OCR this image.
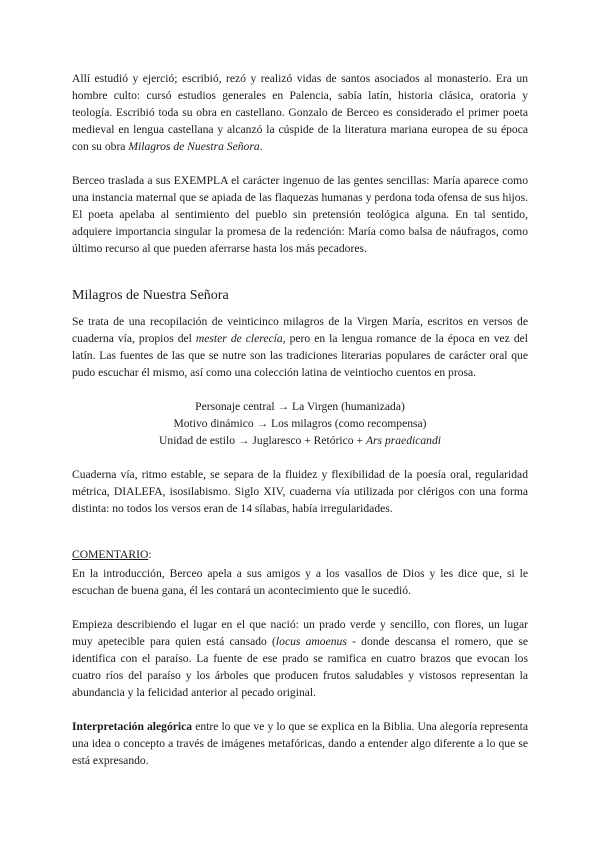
Allí estudió y ejerció; escribió, rezó y realizó vidas de santos asociados al monasterio. Era un hombre culto: cursó estudios generales en Palencia, sabía latín, historia clásica, oratoria y teología. Escribió toda su obra en castellano. Gonzalo de Berceo es considerado el primer poeta medieval en lengua castellana y alcanzó la cúspide de la literatura mariana europea de su época con su obra Milagros de Nuestra Señora.

Berceo traslada a sus EXEMPLA el carácter ingenuo de las gentes sencillas: María aparece como una instancia maternal que se apiada de las flaquezas humanas y perdona toda ofensa de sus hijos. El poeta apelaba al sentimiento del pueblo sin pretensión teológica alguna. En tal sentido, adquiere importancia singular la promesa de la redención: María como balsa de náufragos, como último recurso al que pueden aferrarse hasta los más pecadores.

Milagros de Nuestra Señora

Se trata de una recopilación de veinticinco milagros de la Virgen María, escritos en versos de cuaderna vía, propios del mester de clerecía, pero en la lengua romance de la época en vez del latín. Las fuentes de las que se nutre son las tradiciones literarias populares de carácter oral que pudo escuchar él mismo, así como una colección latina de veintiocho cuentos en prosa.

Personaje central → La Virgen (humanizada)
Motivo dinámico → Los milagros (como recompensa)
Unidad de estilo → Juglaresco + Retórico + Ars praedicandi

Cuaderna vía, ritmo estable, se separa de la fluidez y flexibilidad de la poesía oral, regularidad métrica, DIALEFA, isosilabismo. Siglo XIV, cuaderna vía utilizada por clérigos con una forma distinta: no todos los versos eran de 14 sílabas, había irregularidades.

COMENTARIO:

En la introducción, Berceo apela a sus amigos y a los vasallos de Dios y les dice que, si le escuchan de buena gana, él les contará un acontecimiento que le sucedió.

Empieza describiendo el lugar en el que nació: un prado verde y sencillo, con flores, un lugar muy apetecible para quien está cansado (locus amoenus - donde descansa el romero, que se identifica con el paraíso. La fuente de ese prado se ramifica en cuatro brazos que evocan los cuatro ríos del paraíso y los árboles que producen frutos saludables y vistosos representan la abundancia y la felicidad anterior al pecado original.

Interpretación alegórica entre lo que ve y lo que se explica en la Biblia. Una alegoría representa una idea o concepto a través de imágenes metafóricas, dando a entender algo diferente a lo que se está expresando.
